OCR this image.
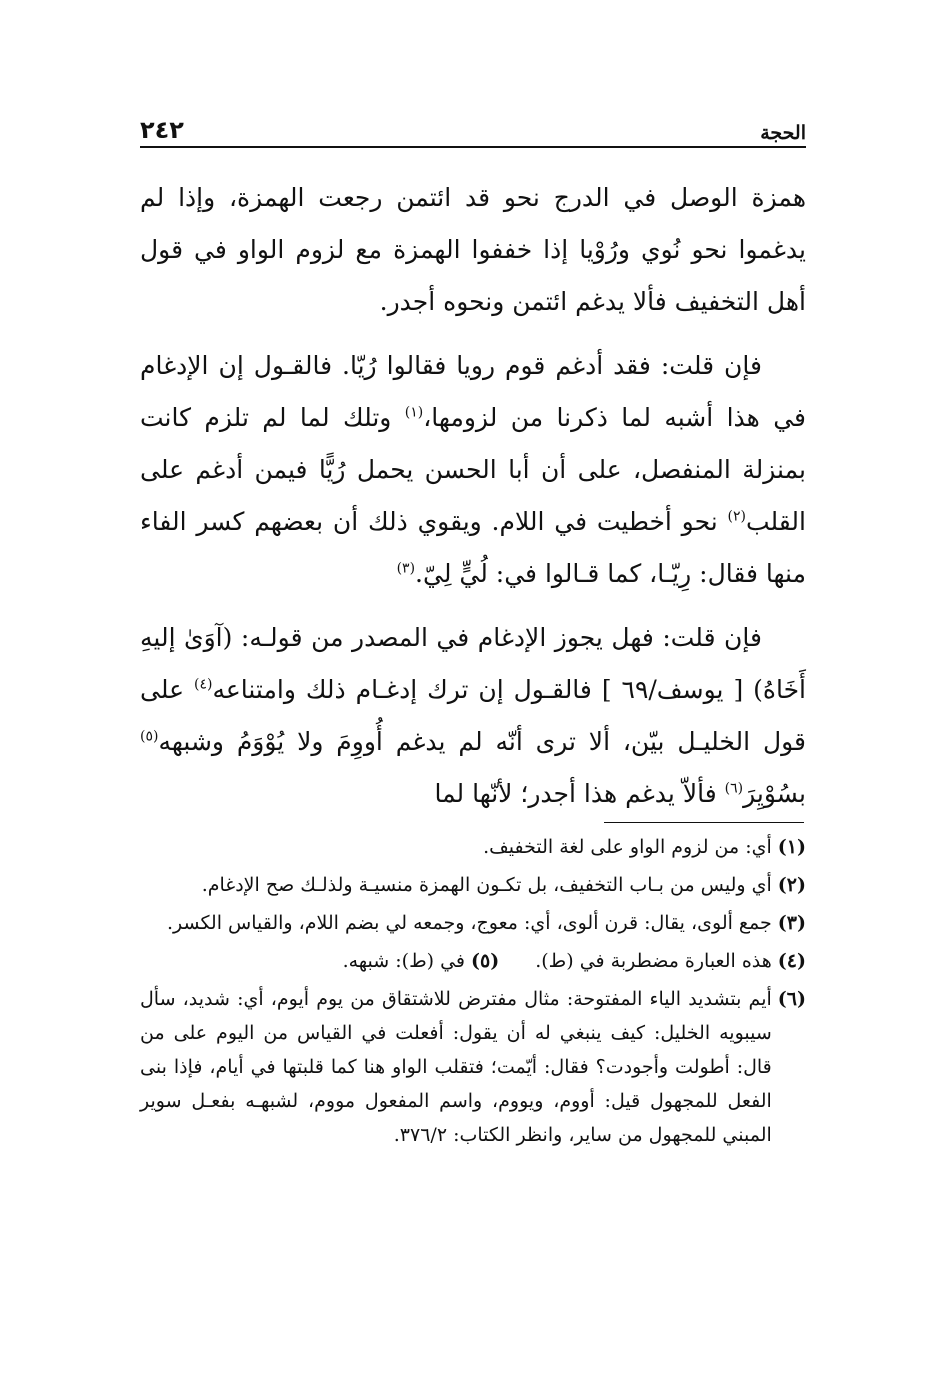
الحجة
٢٤٢

همزة الوصل في الدرج نحو قد ائتمن رجعت الهمزة، وإذا لم يدغموا نحو نُوي ورُوْيا إذا خففوا الهمزة مع لزوم الواو في قول أهل التخفيف فألا يدغم ائتمن ونحوه أجدر.

فإن قلت: فقد أدغم قوم رويا فقالوا رُيّا. فالقـول إن الإدغام في هذا أشبه لما ذكرنا من لزومها،$^{(١)}$ وتلك لما لم تلزم كانت بمنزلة المنفصل، على أن أبا الحسن يحمل رُيًّا فيمن أدغم على القلب$^{(٢)}$ نحو أخطيت في اللام. ويقوي ذلك أن بعضهم كسر الفاء منها فقال: رِيّـا، كما قـالوا في: لُيٍّ لِيّ.$^{(٣)}$

فإن قلت: فهل يجوز الإدغام في المصدر من قولـه: (آوَىٰ إليهِ أَخَاهُ) [ يوسف/٦٩ ] فالقـول إن ترك إدغـام ذلك وامتناعه$^{(٤)}$ على قول الخليـل بيّن، ألا ترى أنّه لم يدغم أُووِمَ ولا يُوْوَمُ وشبهه$^{(٥)}$ بسُوْيِرَ$^{(٦)}$ فألاّ يدغم هذا أجدر؛ لأنّها لما

(١)
أي: من لزوم الواو على لغة التخفيف.
(٢)
أي وليس من بـاب التخفيف، بل تكـون الهمزة منسيـة ولذلـك صح الإدغام.
(٣)
جمع ألوى، يقال: قرن ألوى، أي: معوج، وجمعه لي بضم اللام، والقياس الكسر.
(٤)
هذه العبارة مضطربة في (ط).
(٥)
في (ط): شبهه.
(٦)
أيم بتشديد الياء المفتوحة: مثال مفترض للاشتقاق من يوم أيوم، أي: شديد، سأل سيبويه الخليل: كيف ينبغي له أن يقول: أفعلت في القياس من اليوم على من قال: أطولت وأجودت؟ فقال: أيّمت؛ فتقلب الواو هنا كما قلبتها في أيام، فإذا بنى الفعل للمجهول قيل: أووم، ويووم، واسم المفعول مووم، لشبهـه بفعـل سوير المبني للمجهول من ساير، وانظر الكتاب: ٣٧٦/٢.
